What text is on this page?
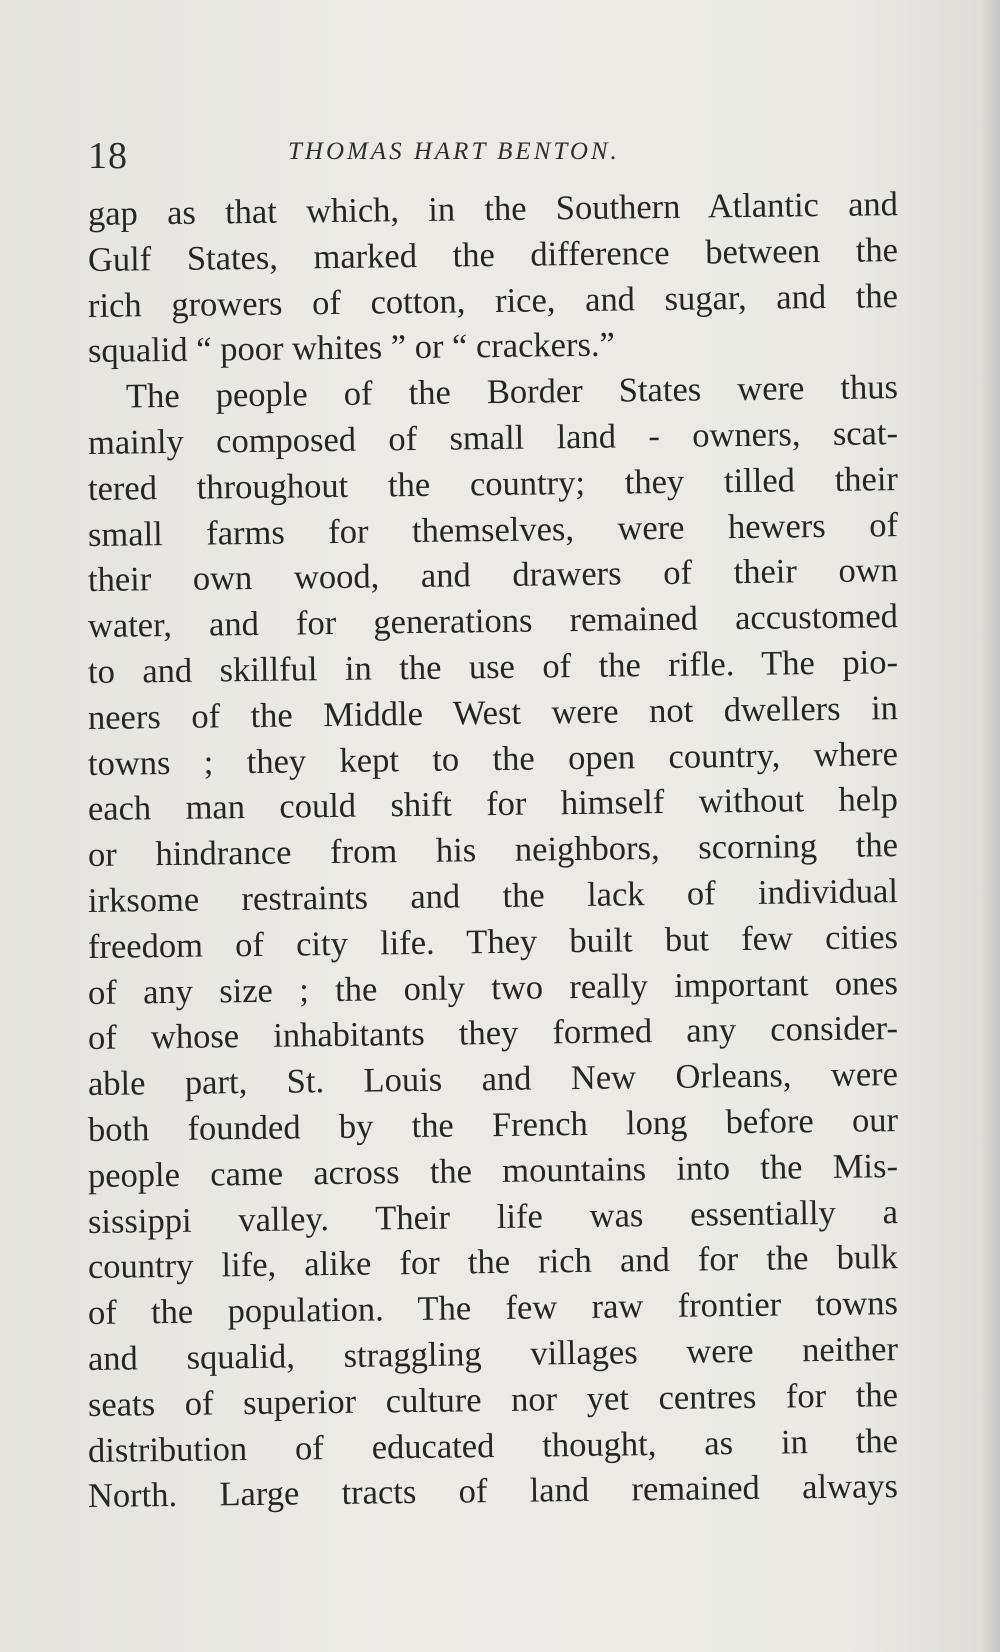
18	THOMAS HART BENTON.
gap as that which, in the Southern Atlantic and
Gulf States, marked the difference between the
rich growers of cotton, rice, and sugar, and the
squalid “ poor whites ” or “ crackers.”
The people of the Border States were thus
mainly composed of small land - owners, scat-
tered throughout the country; they tilled their
small farms for themselves, were hewers of
their own wood, and drawers of their own
water, and for generations remained accustomed
to and skillful in the use of the rifle. The pio-
neers of the Middle West were not dwellers in
towns ; they kept to the open country, where
each man could shift for himself without help
or hindrance from his neighbors, scorning the
irksome restraints and the lack of individual
freedom of city life. They built but few cities
of any size ; the only two really important ones
of whose inhabitants they formed any consider-
able part, St. Louis and New Orleans, were
both founded by the French long before our
people came across the mountains into the Mis-
sissippi valley. Their life was essentially a
country life, alike for the rich and for the bulk
of the population. The few raw frontier towns
and squalid, straggling villages were neither
seats of superior culture nor yet centres for the
distribution of educated thought, as in the
North. Large tracts of land remained always
